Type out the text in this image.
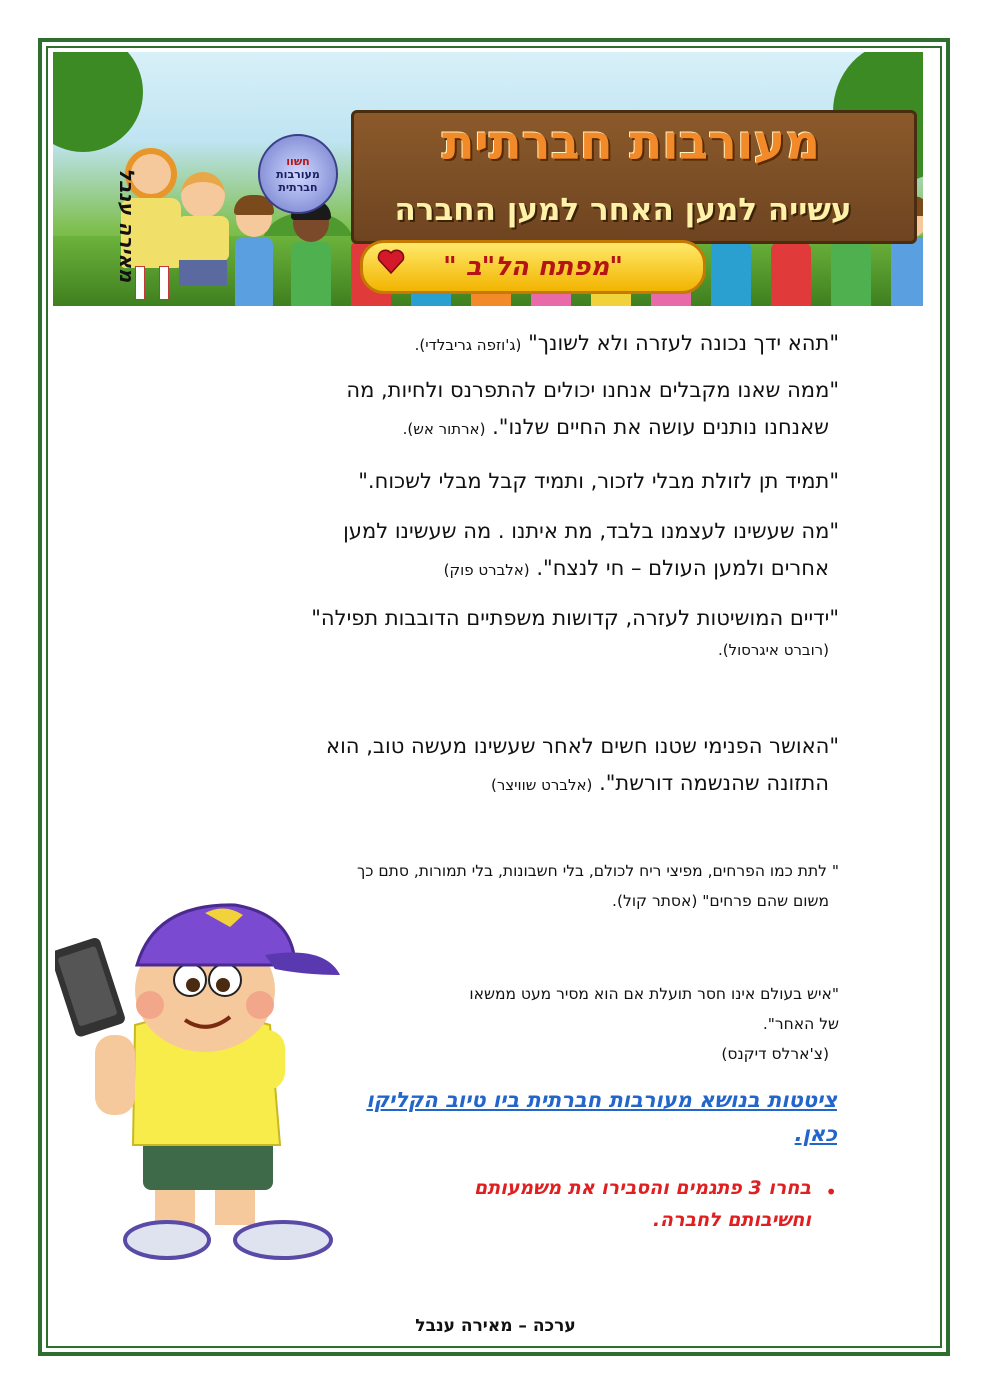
מעורבות חברתית
עשייה למען האחר למען החברה
חשוו
מעורבות
חברתית
מאירה ענבל	"מפתח הל"ב "

"תהא ידך נכונה לעזרה ולא לשונך" (ג'וזפה גריבלדי).

"ממה שאנו מקבלים אנחנו יכולים להתפרנס ולחיות, מה

שאנחנו נותנים עושה את החיים שלנו". (ארתור אש).

"תמיד תן לזולת מבלי לזכור, ותמיד קבל מבלי לשכוח."

"מה שעשינו לעצמנו בלבד, מת איתנו . מה שעשינו למען

אחרים ולמען העולם – חי לנצח". (אלברט פוק)

"ידיים המושיטות לעזרה, קדושות משפתיים הדובבות תפילה"

(רוברט איגרסול).

"האושר הפנימי שטנו חשים לאחר שעשינו מעשה טוב, הוא

התזונה שהנשמה דורשת". (אלברט שוויצר)

" לתת כמו הפרחים, מפיצי ריח לכולם, בלי חשבונות, בלי תמורות, סתם כך

משום שהם פרחים" (אסתר קול).

"איש בעולם אינו חסר תועלת אם הוא מסיר מעט ממשאו

של האחר".

(צ'ארלס דיקנס)

ציטטות בנושא מעורבות חברתית ביו טיוב הקליקו
כאן.
•
בחרו 3 פתגמים והסבירו את משמעותם
וחשיבותם לחברה.
ערכה – מאירה ענבל
